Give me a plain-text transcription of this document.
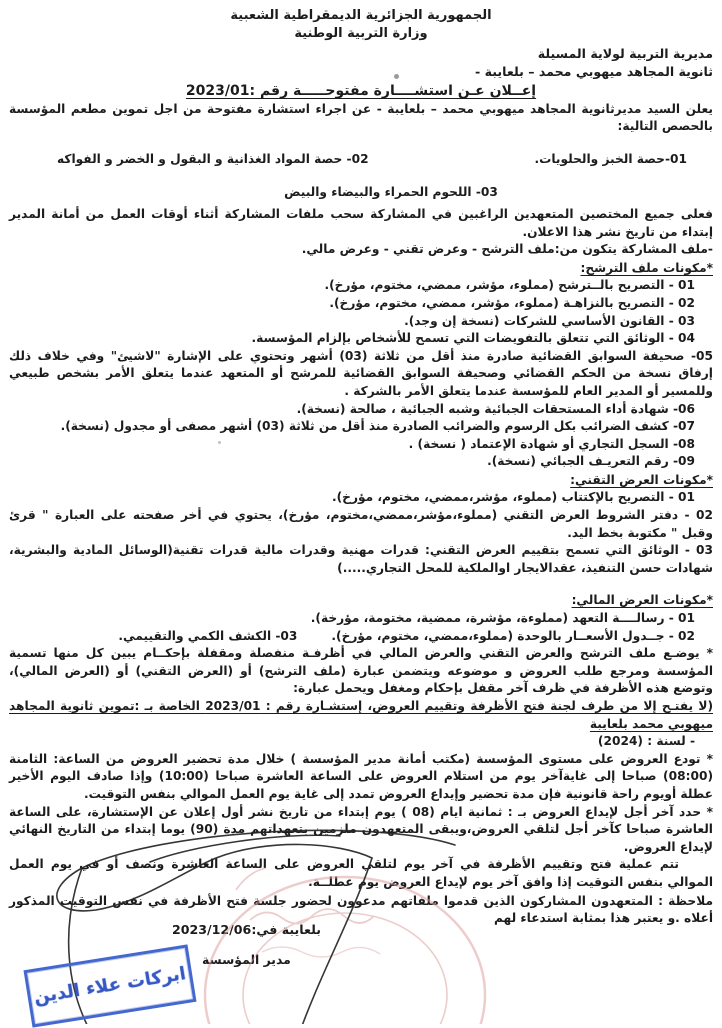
الجمهورية الجزائرية الديمقراطية الشعبية
وزارة التربية الوطنية
مديرية التربية لولاية المسيلة
ثانوية المجاهد ميهوبي محمد – بلعايبة -
إعــلان عـن استشــــارة مفتوحـــــة رقم :2023/01
يعلن السيد مديرثانوية المجاهد ميهوبي محمد – بلعايبة - عن اجراء استشارة مفتوحة من اجل تموين مطعم المؤسسة بالحصص التالية:
01-حصة الخبز والحلويات.
02- حصة المواد الغذانية و البقول و الخضر و الفواكه
03- اللحوم الحمراء والبيضاء والبيض
فعلى جميع المختصين المتعهدين الراغبين في المشاركة سحب ملفات المشاركة أثناء أوقات العمل من أمانة المدير إبتداء من تاريخ نشر هذا الاعلان.
-ملف المشاركة يتكون من:ملف الترشح - وعرض تقني - وعرض مالي.
*مكونات ملف الترشح:
01 - التصريح بالــترشح (مملوء، مؤشر، ممضي، مختوم، مؤرخ).
02 - التصريح بالنزاهـة (مملوء، مؤشر، ممضي، مختوم، مؤرخ).
03 - القانون الأساسي للشركات (نسخة إن وجد).
04 - الوثائق التي تتعلق بالتفويضات التي تسمح للأشخاص بإلزام المؤسسة.
05- صحيفة السوابق القضائية صادرة منذ أقل من ثلاثة (03) أشهر وتحتوي على الإشارة "لاشيئ" وفي خلاف ذلك إرفاق نسخة من الحكم القضائي وصحيفة السوابق القضائية للمرشح أو المتعهد عندما يتعلق الأمر بشخص طبيعي وللمسير أو المدير العام للمؤسسة عندما يتعلق الأمر بالشركة .
06- شهادة أداء المستحقات الجبائية وشبه الجبائية ، صالحة (نسخة).
07- كشف الضرائب بكل الرسوم والضرائب الصادرة منذ أقل من ثلاثة (03) أشهر مصفى أو مجدول (نسخة).
08- السجل التجاري أو شهادة الإعتماد ( نسخة) .
09- رقم التعريـف الجبائي (نسخة).
*مكونات العرض التقني:
01 - التصريح بالإكتتاب (مملوء، مؤشر،ممضي، مختوم، مؤرخ).
02 - دفتر الشروط العرض التقني (مملوء،مؤشر،ممضي،مختوم، مؤرخ)، يحتوي في أخر صفحته على العبارة " قرئ وقبل " مكتوبة بخط اليد.
03 - الوثائق التي تسمح بتقييم العرض التقني: قدرات مهنية وقدرات مالية قدرات تقنية(الوسائل المادية والبشرية، شهادات حسن التنفيذ، عقدالايجار اوالملكية للمحل التجاري.....)
*مكونات العرض المالي:
01 - رسالــــة التعهد (مملوءة، مؤشرة، ممضية، مختومة، مؤرخة).
02 - جــدول الأسعــار بالوحدة (مملوء،ممضي، مختوم، مؤرخ).
03- الكشف الكمي والتقييمي.
* يوضـع ملف الترشح والعرض التقني والعرض المالي في أظرفـة منفصلة ومقفلة بإحكــام يبين كل منها تسمية المؤسسة ومرجع طلب العروض و موضوعه ويتضمن عبارة (ملف الترشح) أو (العرض التقني) أو (العرض المالي)، وتوضع هذه الأظرفة في ظرف آخر مقفل بإحكام ومغفل ويحمل عبارة:
(لا يفتـح إلا من طرف لجنة فتح الأظرفة وتقييم العروض، إستشـارة رقم : 2023/01 الخاصة بـ :تموين ثانوية المجاهد ميهوبي محمد بلعايبة
- لسنة : (2024)
* تودع العروض على مستوى المؤسسة (مكتب أمانة مدير المؤسسة ) خلال مدة تحضير العروض من الساعة: الثامنة (08:00) صباحا إلى غايةآخر يوم من استلام العروض على الساعة العاشرة صباحا (10:00) وإذا صادف اليوم الأخير عطلة أويوم راحة قانونية فإن مدة تحضير وإيداع العروض تمدد إلى غاية يوم العمل الموالي بنفس التوقيت.
* حدد آخر أجل لإيداع العروض بـ : ثمانية ايام (08 ) يوم إبتداء من تاريخ نشر أول إعلان عن الإستشارة، على الساعة العاشرة صباحا كآخر أجل لتلقي العروض،ويبقى المتعهدون ملزمين بتعهداتهم مدة (90) يوما إبتداء من التاريخ النهائي لإيداع العروض.
تتم عملية فتح وتقييم الأظرفة في آخر يوم لتلقي العروض على الساعة العاشرة ونصف أو في يوم العمل الموالي بنفس التوقيت إذا وافق آخر يوم لإيداع العروض يوم عطلــة.
ملاحظة : المتعهدون المشاركون الذين قدموا ملفاتهم مدعوون لحضور جلسة فتح الأظرفة في نفس التوقيت المذكور أعلاه .و يعتبر هذا بمثابة استدعاء لهم
بلعايبة في:2023/12/06
مدير المؤسسة
ابركات علاء الدين
